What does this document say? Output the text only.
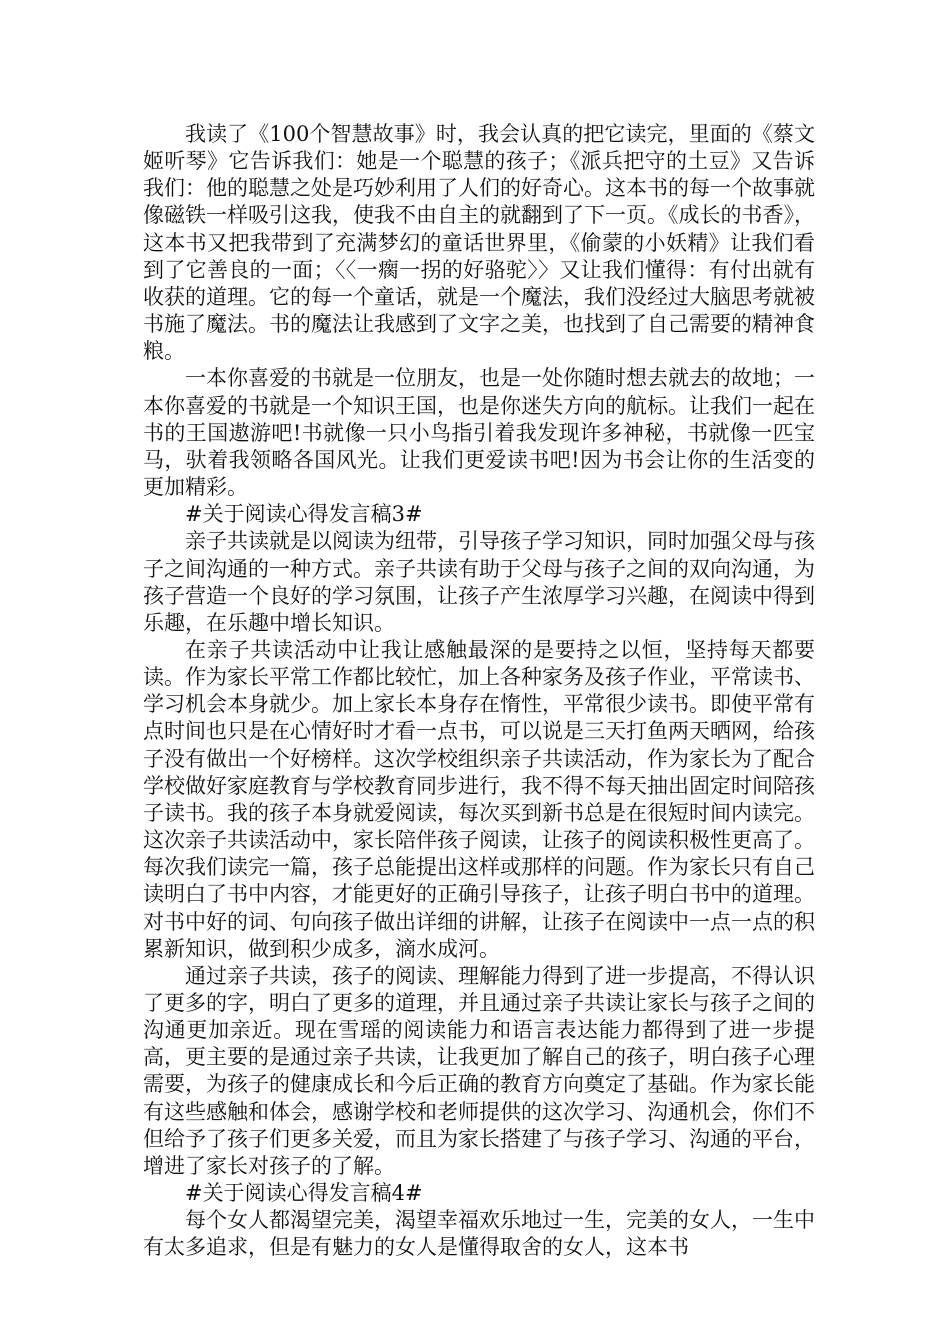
我读了《100个智慧故事》时，我会认真的把它读完，里面的《蔡文姬听琴》它告诉我们：她是一个聪慧的孩子；《派兵把守的土豆》又告诉我们：他的聪慧之处是巧妙利用了人们的好奇心。这本书的每一个故事就像磁铁一样吸引这我，使我不由自主的就翻到了下一页。《成长的书香》，这本书又把我带到了充满梦幻的童话世界里，《偷蒙的小妖精》让我们看到了它善良的一面；〈〈一瘸一拐的好骆驼〉〉又让我们懂得：有付出就有收获的道理。它的每一个童话，就是一个魔法，我们没经过大脑思考就被书施了魔法。书的魔法让我感到了文字之美，也找到了自己需要的精神食粮。

一本你喜爱的书就是一位朋友，也是一处你随时想去就去的故地；一本你喜爱的书就是一个知识王国，也是你迷失方向的航标。让我们一起在书的王国遨游吧!书就像一只小鸟指引着我发现许多神秘，书就像一匹宝马，驮着我领略各国风光。让我们更爱读书吧!因为书会让你的生活变的更加精彩。

#关于阅读心得发言稿3#

亲子共读就是以阅读为纽带，引导孩子学习知识，同时加强父母与孩子之间沟通的一种方式。亲子共读有助于父母与孩子之间的双向沟通，为孩子营造一个良好的学习氛围，让孩子产生浓厚学习兴趣，在阅读中得到乐趣，在乐趣中增长知识。

在亲子共读活动中让我让感触最深的是要持之以恒，坚持每天都要读。作为家长平常工作都比较忙，加上各种家务及孩子作业，平常读书、学习机会本身就少。加上家长本身存在惰性，平常很少读书。即使平常有点时间也只是在心情好时才看一点书，可以说是三天打鱼两天晒网，给孩子没有做出一个好榜样。这次学校组织亲子共读活动，作为家长为了配合学校做好家庭教育与学校教育同步进行，我不得不每天抽出固定时间陪孩子读书。我的孩子本身就爱阅读，每次买到新书总是在很短时间内读完。这次亲子共读活动中，家长陪伴孩子阅读，让孩子的阅读积极性更高了。每次我们读完一篇，孩子总能提出这样或那样的问题。作为家长只有自己读明白了书中内容，才能更好的正确引导孩子，让孩子明白书中的道理。对书中好的词、句向孩子做出详细的讲解，让孩子在阅读中一点一点的积累新知识，做到积少成多，滴水成河。

通过亲子共读，孩子的阅读、理解能力得到了进一步提高，不得认识了更多的字，明白了更多的道理，并且通过亲子共读让家长与孩子之间的沟通更加亲近。现在雪瑶的阅读能力和语言表达能力都得到了进一步提高，更主要的是通过亲子共读，让我更加了解自己的孩子，明白孩子心理需要，为孩子的健康成长和今后正确的教育方向奠定了基础。作为家长能有这些感触和体会，感谢学校和老师提供的这次学习、沟通机会，你们不但给予了孩子们更多关爱，而且为家长搭建了与孩子学习、沟通的平台，增进了家长对孩子的了解。

#关于阅读心得发言稿4#

每个女人都渴望完美，渴望幸福欢乐地过一生，完美的女人，一生中有太多追求，但是有魅力的女人是懂得取舍的女人，这本书
